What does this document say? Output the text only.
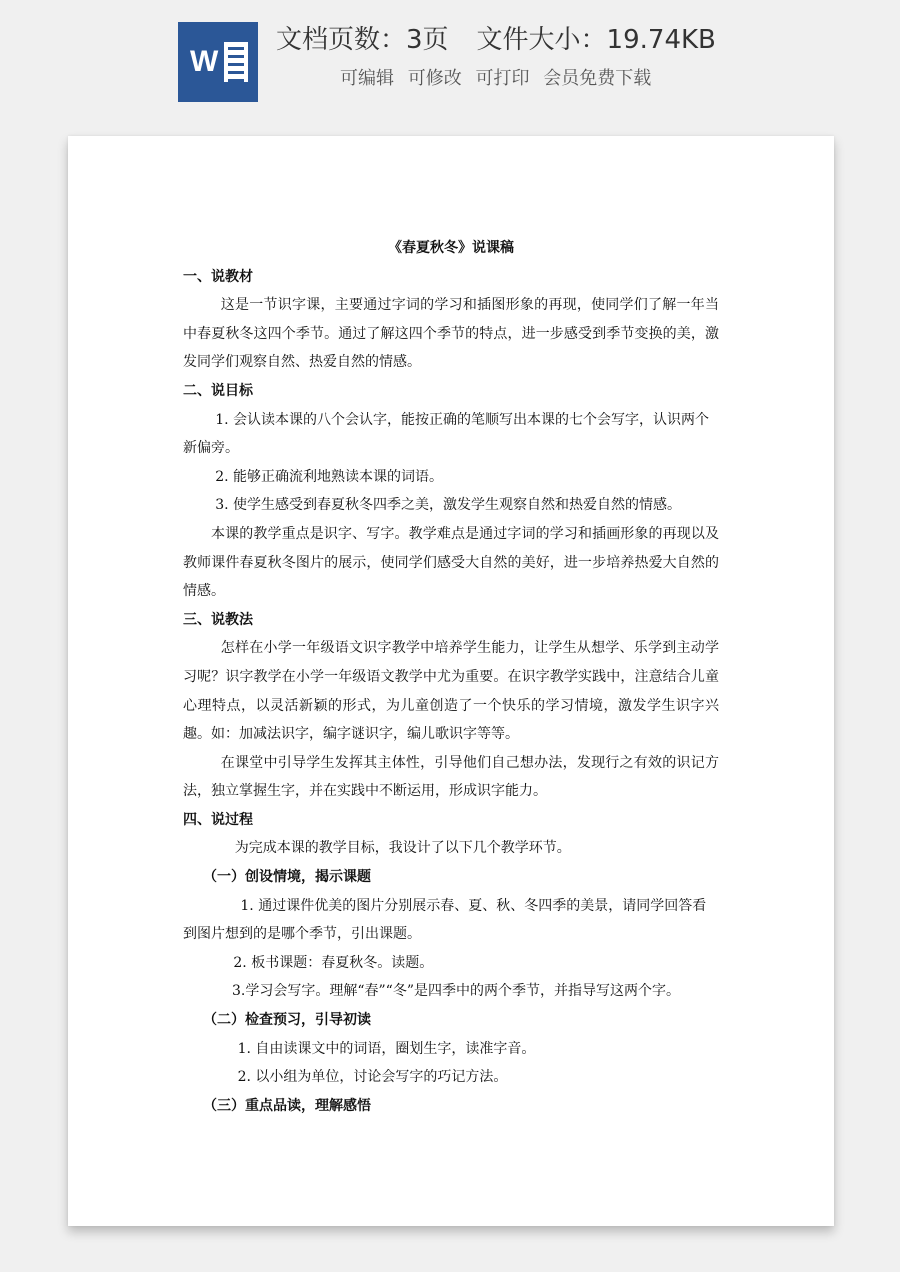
W
文档页数：3页 文件大小：19.74KB
可编辑 可修改 可打印 会员免费下载
《春夏秋冬》说课稿
一、说教材
这是一节识字课，主要通过字词的学习和插图形象的再现，使同学们了解一年当中春夏秋冬这四个季节。通过了解这四个季节的特点，进一步感受到季节变换的美，激发同学们观察自然、热爱自然的情感。
二、说目标
1. 会认读本课的八个会认字，能按正确的笔顺写出本课的七个会写字，认识两个新偏旁。
2. 能够正确流利地熟读本课的词语。
3. 使学生感受到春夏秋冬四季之美，激发学生观察自然和热爱自然的情感。
本课的教学重点是识字、写字。教学难点是通过字词的学习和插画形象的再现以及教师课件春夏秋冬图片的展示，使同学们感受大自然的美好，进一步培养热爱大自然的情感。
三、说教法
怎样在小学一年级语文识字教学中培养学生能力，让学生从想学、乐学到主动学习呢？识字教学在小学一年级语文教学中尤为重要。在识字教学实践中，注意结合儿童心理特点，以灵活新颖的形式，为儿童创造了一个快乐的学习情境，激发学生识字兴趣。如：加减法识字，编字谜识字，编儿歌识字等等。
在课堂中引导学生发挥其主体性，引导他们自己想办法，发现行之有效的识记方法，独立掌握生字，并在实践中不断运用，形成识字能力。
四、说过程
为完成本课的教学目标，我设计了以下几个教学环节。
（一）创设情境，揭示课题
1. 通过课件优美的图片分别展示春、夏、秋、冬四季的美景，请同学回答看到图片想到的是哪个季节，引出课题。
2. 板书课题：春夏秋冬。读题。
3.学习会写字。理解“春”“冬”是四季中的两个季节，并指导写这两个字。
（二）检查预习，引导初读
1. 自由读课文中的词语，圈划生字，读准字音。
2. 以小组为单位，讨论会写字的巧记方法。
（三）重点品读，理解感悟
